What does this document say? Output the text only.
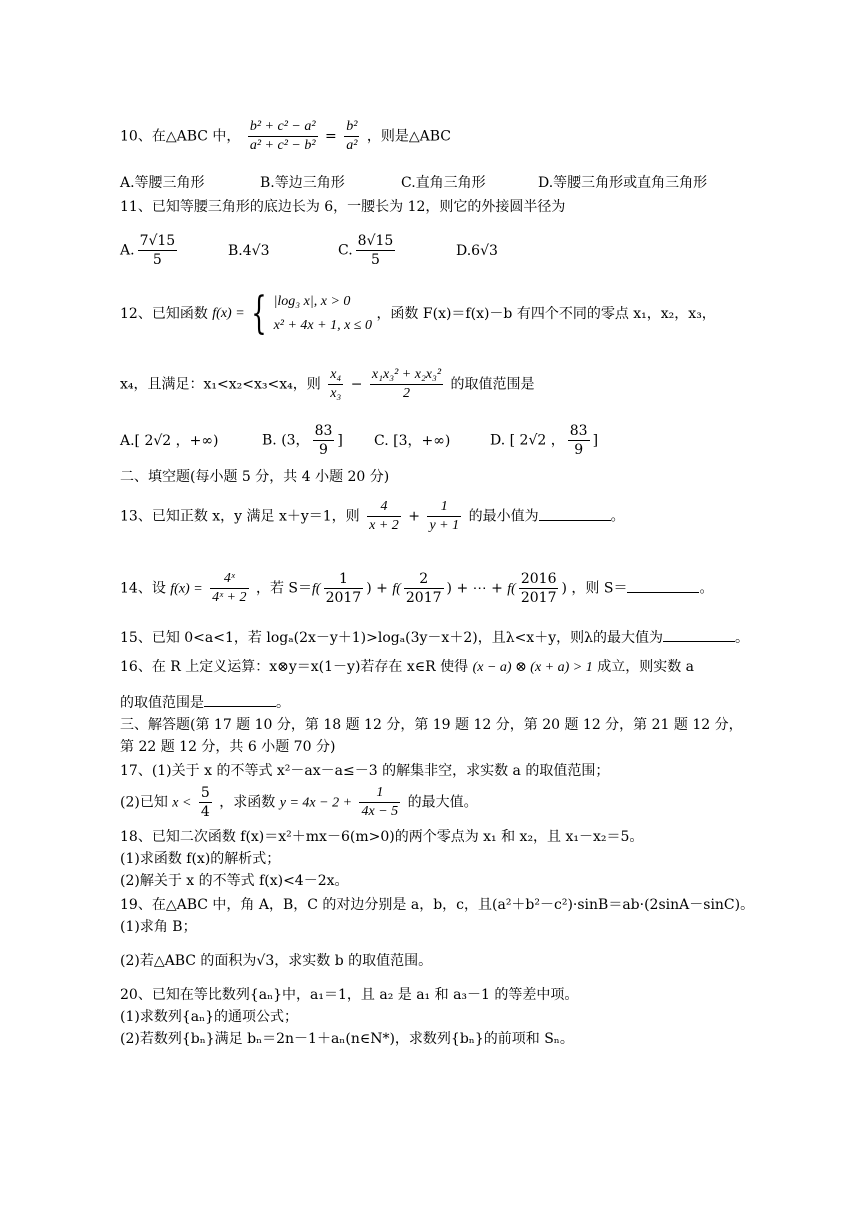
10、在△ABC 中， $\frac{\text{b² + c² − a²}}{\text{a² + c² − b²}} = \frac{\text{b²}}{\text{a²}}$ ，则是△ABC
A.等腰三角形	B.等边三角形	C.直角三角形	D.等腰三角形或直角三角形
11、已知等腰三角形的底边长为 6，一腰长为 12，则它的外接圆半径为
A. $\frac{7√15}{5}$	B.4√3	C. $\frac{8√15}{5}$	D.6√3
12、已知函数 f(x) = { |log₃ x|, x > 0
x² + 4x + 1, x ≤ 0
，函数 F(x)＝f(x)－b 有四个不同的零点 x₁，x₂，x₃，
x₄，且满足：x₁<x₂<x₃<x₄，则 $\frac{\text{x₄}}{\text{x₃}} - \frac{\text{x₁x₃² + x₂x₃²}}{2}$ 的取值范围是
A.[ 2√2 ，+∞)	B. (3， $\frac{83}{9}$ ] C. [3，+∞)	D. [ 2√2 ， $\frac{83}{9}$ ]
二、填空题(每小题 5 分，共 4 小题 20 分)
13、已知正数 x，y 满足 x＋y＝1，则 $\frac{4}{x + 2} + \frac{1}{y + 1}$ 的最小值为	。
14、设 $f(x) = \frac{\text{4ˣ}}{\text{4ˣ + 2}}$ ，若 $S=f( \frac{1}{2017}$ ) + $f( \frac{2}{2017}$ ) + ⋯ + $f( \frac{2016}{2017}$ ) ，则 S＝	。
15、已知 0<a<1，若 logₐ(2x－y＋1)>logₐ(3y－x＋2)，且λ<x＋y，则λ的最大值为	。
16、在 R 上定义运算：x⊗y＝x(1－y)若存在 x∈R 使得 (x − a) ⊗ (x + a) > 1 成立，则实数 a
的取值范围是	。
三、解答题(第 17 题 10 分，第 18 题 12 分，第 19 题 12 分，第 20 题 12 分，第 21 题 12 分，
第 22 题 12 分，共 6 小题 70 分)
17、(1)关于 x 的不等式 x²－ax－a≤－3 的解集非空，求实数 a 的取值范围；
(2)已知 $x < \frac{5}{4}$ ，求函数 $y = 4x - 2 + \frac{1}{4x - 5}$ 的最大值。
18、已知二次函数 f(x)＝x²＋mx－6(m>0)的两个零点为 x₁ 和 x₂，且 x₁－x₂＝5。
(1)求函数 f(x)的解析式；
(2)解关于 x 的不等式 f(x)<4－2x。
19、在△ABC 中，角 A，B，C 的对边分别是 a，b，c，且(a²＋b²－c²)·sinB＝ab·(2sinA－sinC)。
(1)求角 B；
(2)若△ABC 的面积为√3，求实数 b 的取值范围。
20、已知在等比数列{aₙ}中，a₁＝1，且 a₂ 是 a₁ 和 a₃－1 的等差中项。
(1)求数列{aₙ}的通项公式；
(2)若数列{bₙ}满足 bₙ＝2n－1＋aₙ(n∈N*)，求数列{bₙ}的前项和 Sₙ。
